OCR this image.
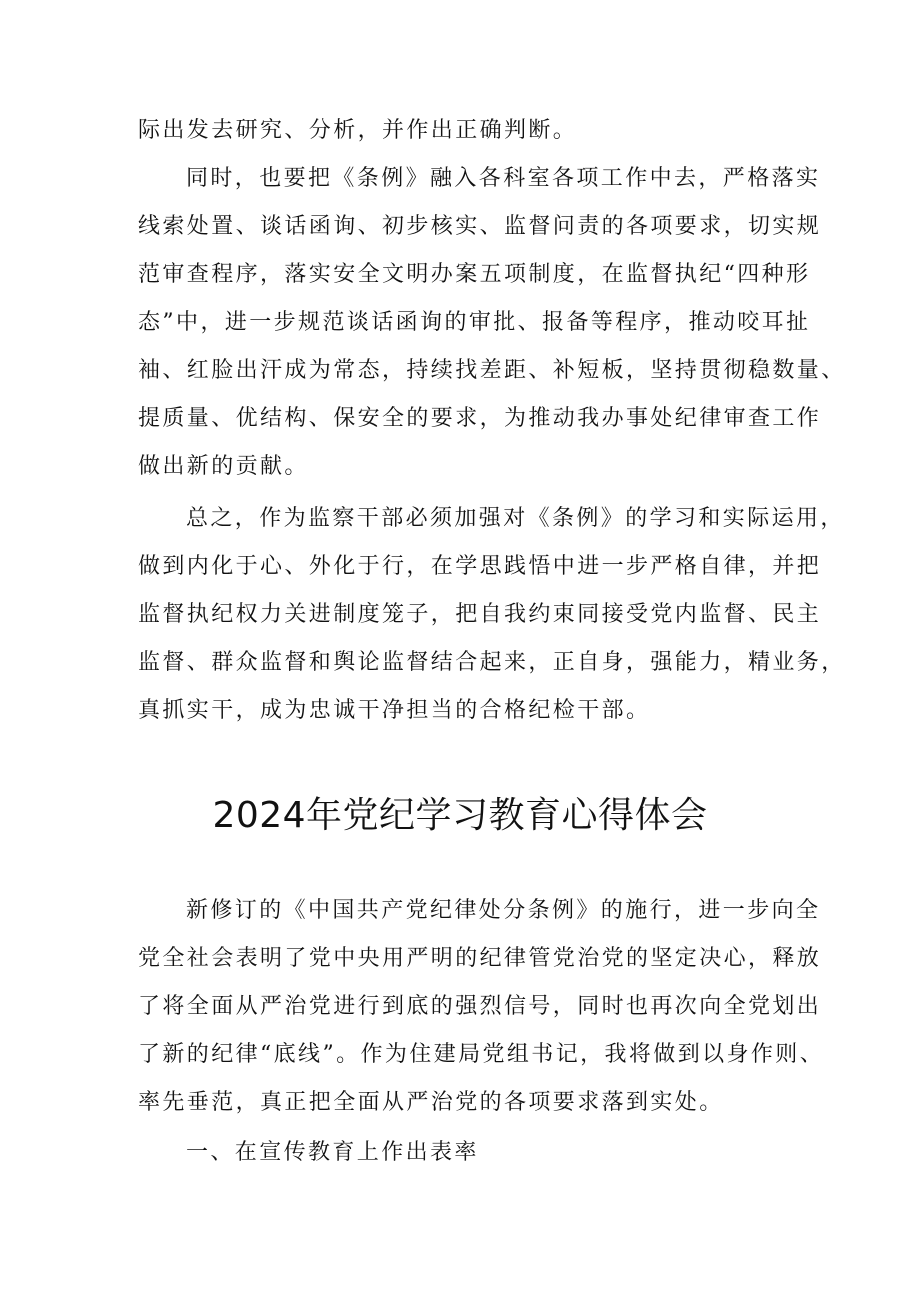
际出发去研究、分析，并作出正确判断。
同时，也要把《条例》融入各科室各项工作中去，严格落实
线索处置、谈话函询、初步核实、监督问责的各项要求，切实规
范审查程序，落实安全文明办案五项制度，在监督执纪“四种形
态”中，进一步规范谈话函询的审批、报备等程序，推动咬耳扯
袖、红脸出汗成为常态，持续找差距、补短板，坚持贯彻稳数量、
提质量、优结构、保安全的要求，为推动我办事处纪律审查工作
做出新的贡献。
总之，作为监察干部必须加强对《条例》的学习和实际运用，
做到内化于心、外化于行，在学思践悟中进一步严格自律，并把
监督执纪权力关进制度笼子，把自我约束同接受党内监督、民主
监督、群众监督和舆论监督结合起来，正自身，强能力，精业务，
真抓实干，成为忠诚干净担当的合格纪检干部。
2024年党纪学习教育心得体会
新修订的《中国共产党纪律处分条例》的施行，进一步向全
党全社会表明了党中央用严明的纪律管党治党的坚定决心，释放
了将全面从严治党进行到底的强烈信号，同时也再次向全党划出
了新的纪律“底线”。作为住建局党组书记，我将做到以身作则、
率先垂范，真正把全面从严治党的各项要求落到实处。
一、在宣传教育上作出表率
